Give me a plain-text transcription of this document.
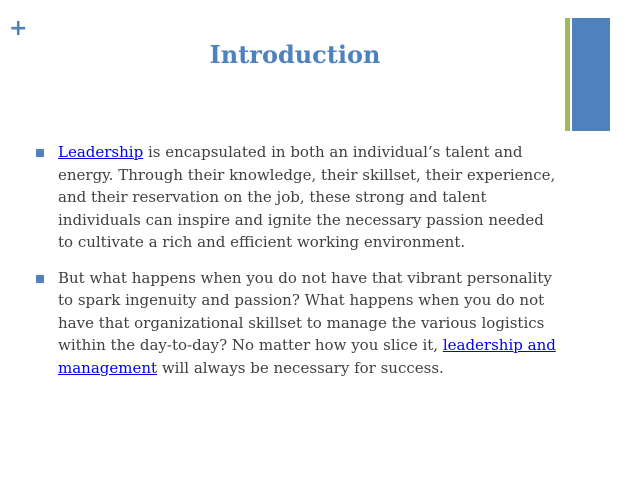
+
Introduction
Leadership is encapsulated in both an individual’s talent and energy. Through their knowledge, their skillset, their experience, and their reservation on the job, these strong and talent individuals can inspire and ignite the necessary passion needed to cultivate a rich and efficient working environment.
But what happens when you do not have that vibrant personality to spark ingenuity and passion? What happens when you do not have that organizational skillset to manage the various logistics within the day-to-day? No matter how you slice it, leadership and management will always be necessary for success.
